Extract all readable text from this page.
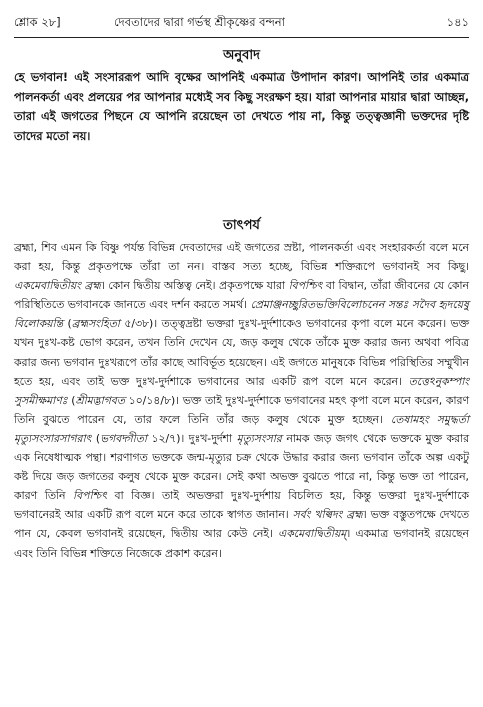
শ্লোক ২৮]	দেবতাদের দ্বারা গর্ভস্থ শ্রীকৃষ্ণের বন্দনা	১৪১
অনুবাদ

হে ভগবান! এই সংসাররূপ আদি বৃক্ষের আপনিই একমাত্র উপাদান কারণ। আপনিই তার একমাত্র পালনকর্তা এবং প্রলয়ের পর আপনার মধ্যেই সব কিছু সংরক্ষণ হয়। যারা আপনার মায়ার দ্বারা আচ্ছন্ন, তারা এই জগতের পিছনে যে আপনি রয়েছেন তা দেখতে পায় না, কিন্তু তত্ত্বজ্ঞানী ভক্তদের দৃষ্টি তাদের মতো নয়।

তাৎপর্য

ব্রহ্মা, শিব এমন কি বিষ্ণু পর্যন্ত বিভিন্ন দেবতাদের এই জগতের স্রষ্টা, পালনকর্তা এবং সংহারকর্তা বলে মনে করা হয়, কিন্তু প্রকৃতপক্ষে তাঁরা তা নন। বাস্তব সত্য হচ্ছে, বিভিন্ন শক্তিরূপে ভগবানই সব কিছু। একমেবাদ্বিতীয়ং ব্রহ্ম। কোন দ্বিতীয় অস্তিত্ব নেই। প্রকৃতপক্ষে যারা বিপশ্চিৎ বা বিদ্বান, তাঁরা জীবনের যে কোন পরিস্থিতিতে ভগবানকে জানতে এবং দর্শন করতে সমর্থ। প্রেমাঞ্জনচ্ছুরিতভক্তিবিলোচনেন সন্তঃ সদৈব হৃদয়েষু বিলোকয়ন্তি (ব্রহ্মসংহিতা ৫/৩৮)। তত্ত্বদ্রষ্টা ভক্তরা দুঃখ-দুর্দশাকেও ভগবানের কৃপা বলে মনে করেন। ভক্ত যখন দুঃখ-কষ্ট ভোগ করেন, তখন তিনি দেখেন যে, জড় কলুষ থেকে তাঁকে মুক্ত করার জন্য অথবা পবিত্র করার জন্য ভগবান দুঃখরূপে তাঁর কাছে আবির্ভূত হয়েছেন। এই জগতে মানুষকে বিভিন্ন পরিস্থিতির সম্মুখীন হতে হয়, এবং তাই ভক্ত দুঃখ-দুর্দশাকে ভগবানের আর একটি রূপ বলে মনে করেন। তত্তেঽনুকম্পাং সুসমীক্ষমাণঃ (শ্রীমদ্ভাগবত ১০/১৪/৮)। ভক্ত তাই দুঃখ-দুর্দশাকে ভগবানের মহৎ কৃপা বলে মনে করেন, কারণ তিনি বুঝতে পারেন যে, তার ফলে তিনি তাঁর জড় কলুষ থেকে মুক্ত হচ্ছেন। তেষামহং সমুদ্ধর্তা মৃত্যুসংসারসাগরাৎ (ভগবদ্গীতা ১২/৭)। দুঃখ-দুর্দশা মৃত্যুসংসার নামক জড় জগৎ থেকে ভক্তকে মুক্ত করার এক নিষেধাত্মক পন্থা। শরণাগত ভক্তকে জন্ম-মৃত্যুর চক্র থেকে উদ্ধার করার জন্য ভগবান তাঁকে অল্প একটু কষ্ট দিয়ে জড় জগতের কলুষ থেকে মুক্ত করেন। সেই কথা অভক্ত বুঝতে পারে না, কিন্তু ভক্ত তা পারেন, কারণ তিনি বিপশ্চিৎ বা বিজ্ঞ। তাই অভক্তরা দুঃখ-দুর্দশায় বিচলিত হয়, কিন্তু ভক্তরা দুঃখ-দুর্দশাকে ভগবানেরই আর একটি রূপ বলে মনে করে তাকে স্বাগত জানান। সর্বং খল্বিদং ব্রহ্ম। ভক্ত বস্তুতপক্ষে দেখতে পান যে, কেবল ভগবানই রয়েছেন, দ্বিতীয় আর কেউ নেই। একমেবাদ্বিতীয়ম্। একমাত্র ভগবানই রয়েছেন এবং তিনি বিভিন্ন শক্তিতে নিজেকে প্রকাশ করেন।
